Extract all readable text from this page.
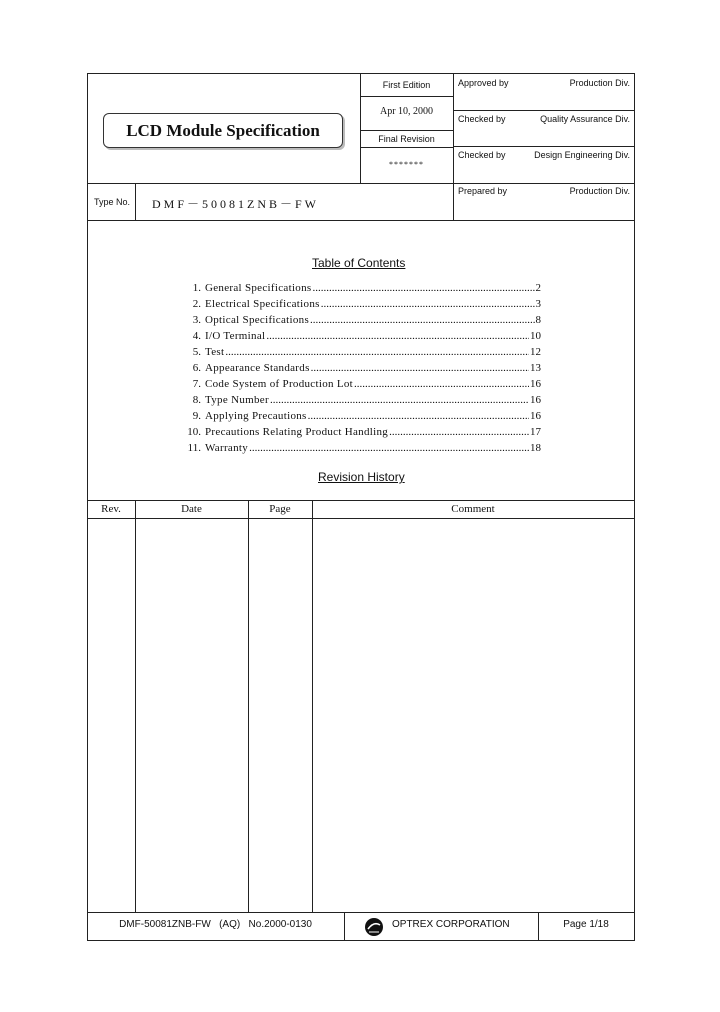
LCD Module Specification
First Edition
Apr 10, 2000
Final Revision
*******
Approved by	Production Div.
Checked by	Quality Assurance Div.
Checked by	Design Engineering Div.
Prepared by	Production Div.
Type No. DMF－50081ZNB－FW
Table of Contents
1. General Specifications .....	2
2. Electrical Specifications .....	3
3. Optical Specifications .....	8
4. I/O Terminal .....	10
5. Test .....	12
6. Appearance Standards .....	13
7. Code System of Production Lot .....	16
8. Type Number .....	16
9. Applying Precautions .....	16
10. Precautions Relating Product Handling .....	17
11. Warranty .....	18
Revision History
Rev.	Date	Page	Comment
DMF-50081ZNB-FW   (AQ)   No.2000-0130	OPTREX CORPORATION	Page 1/18
